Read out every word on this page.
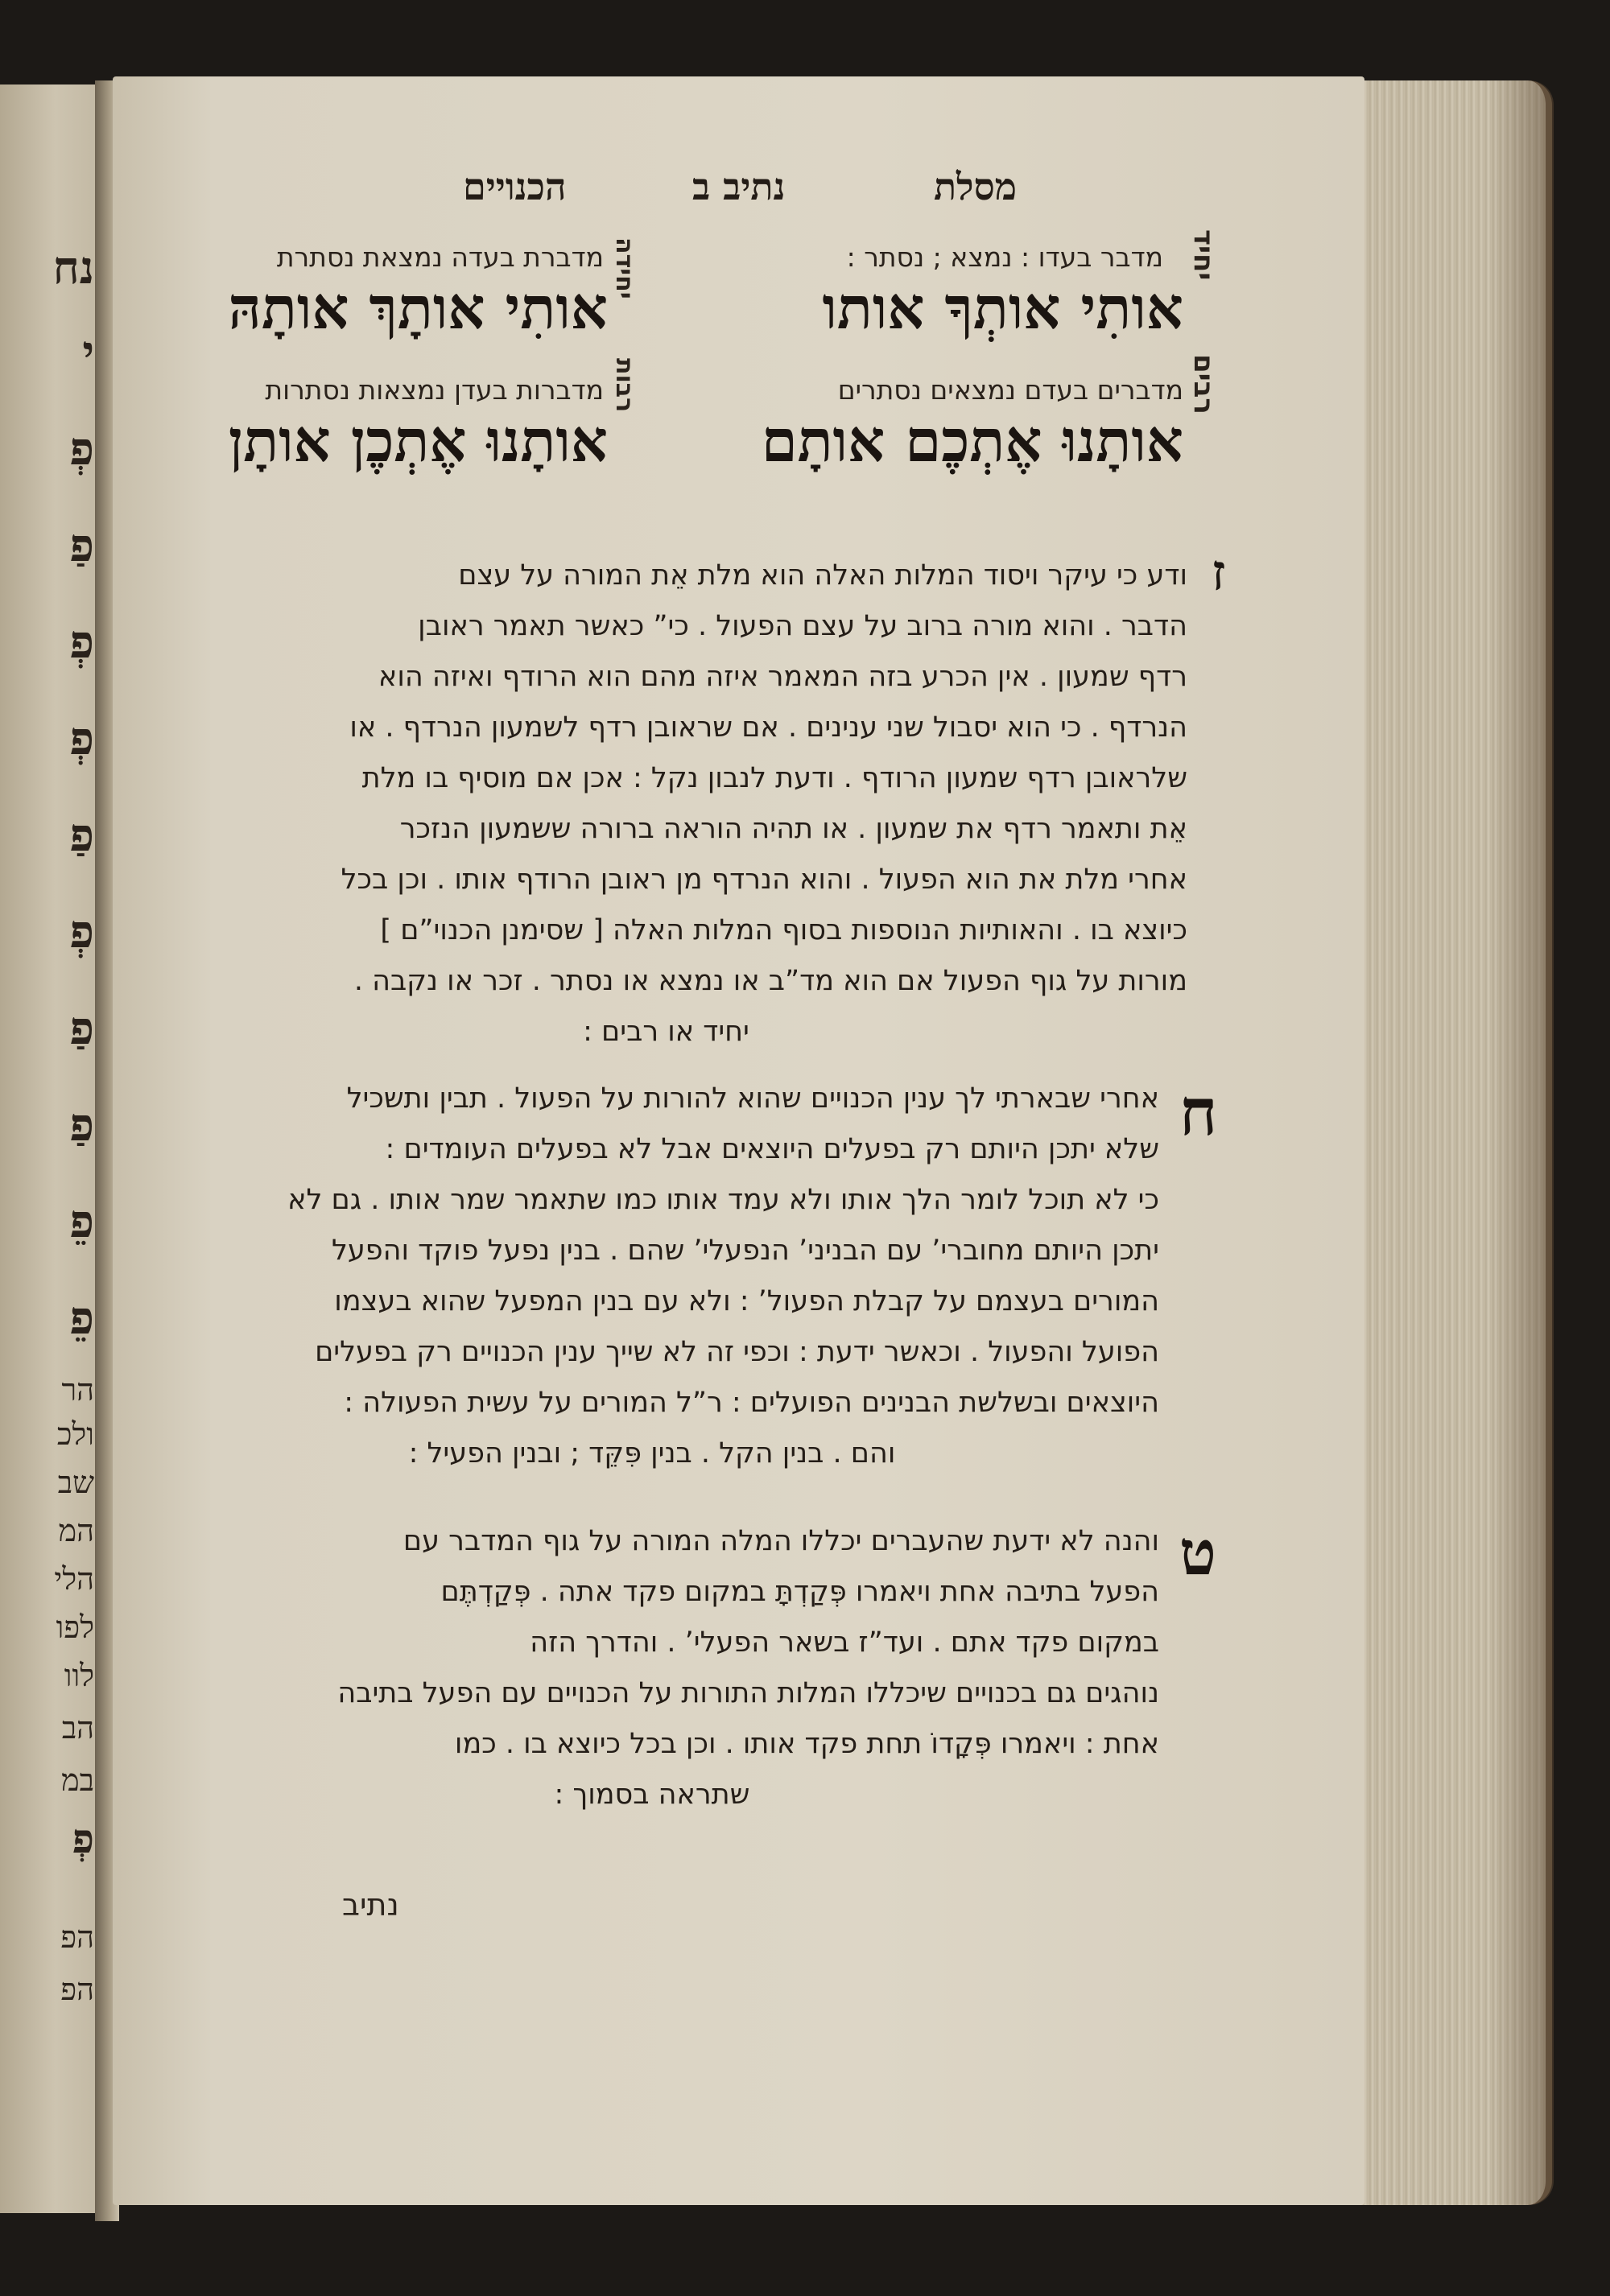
נח
י
פְ
פַ
פְ
פְ
פַ
פְ
פַ
פַ
פֵ
פֵ
הר
ולכ
שב
המ
הלי
לפו
לוו
הב
במ
פְ
הפ
הפ
מסלת
נתיב ב
הכנויים
יחיד
יחידה	מדבר בעדו : נמצא ; נסתר :
מדברת בעדה נמצאת נסתרת
אותִי אותְךָ אותו
אותִי אותָךְ אותָהּ
רבים
רבות	מדברים בעדם נמצאים נסתרים
מדברות בעדן נמצאות נסתרות
אותָנוּ אֶתְכֶם אותָם
אותָנוּ אֶתְכֶן אותָן
ז
ודע כי עיקר ויסוד המלות האלה הוא מלת אֵת המורה על עצם
הדבר . והוא מורה ברוב על עצם הפעול . כי” כאשר תאמר ראובן
רדף שמעון . אין הכרע בזה המאמר איזה מהם הוא הרודף ואיזה הוא
הנרדף . כי הוא יסבול שני ענינים . אם שראובן רדף לשמעון הנרדף . או
שלראובן רדף שמעון הרודף . ודעת לנבון נקל : אכן אם מוסיף בו מלת
אֵת ותאמר רדף את שמעון . או תהיה הוראה ברורה ששמעון הנזכר
אחרי מלת את הוא הפעול . והוא הנרדף מן ראובן הרודף אותו . וכן בכל
כיוצא בו . והאותיות הנוספות בסוף המלות האלה [ שסימנן הכנוי”ם ]
מורות על גוף הפעול אם הוא מד”ב או נמצא או נסתר . זכר או נקבה .
יחיד או רבים :
ח
אחרי שבארתי לך ענין הכנויים שהוא להורות על הפעול . תבין ותשכיל
שלא יתכן היותם רק בפעלים היוצאים אבל לא בפעלים העומדים :
כי לא תוכל לומר הלך אותו ולא עמד אותו כמו שתאמר שמר אותו . גם לא
יתכן היותם מחוברי’ עם הבניני’ הנפעלי’ שהם . בנין נפעל פוקד והפעל
המורים בעצמם על קבלת הפעול’ : ולא עם בנין המפעל שהוא בעצמו
הפועל והפעול . וכאשר ידעת : וכפי זה לא שייך ענין הכנויים רק בפעלים
היוצאים ובשלשת הבנינים הפועלים : ר”ל המורים על עשית הפעולה :
והם . בנין הקל . בנין פִּקֵּד ; ובנין הפעיל :
ט
והנה לא ידעת שהעברים יכללו המלה המורה על גוף המדבר עם
הפעל בתיבה אחת ויאמרו פְּקַדְתָּ במקום פקד אתה . פְּקַדְתֶּם
במקום פקד אתם . ועד”ז בשאר הפעלי’ . והדרך הזה
נוהגים גם בכנויים שיכללו המלות התורות על הכנויים עם הפעל בתיבה
אחת : ויאמרו פְּקָדוֹ תחת פקד אותו . וכן בכל כיוצא בו . כמו
שתראה בסמוך :
נתיב
